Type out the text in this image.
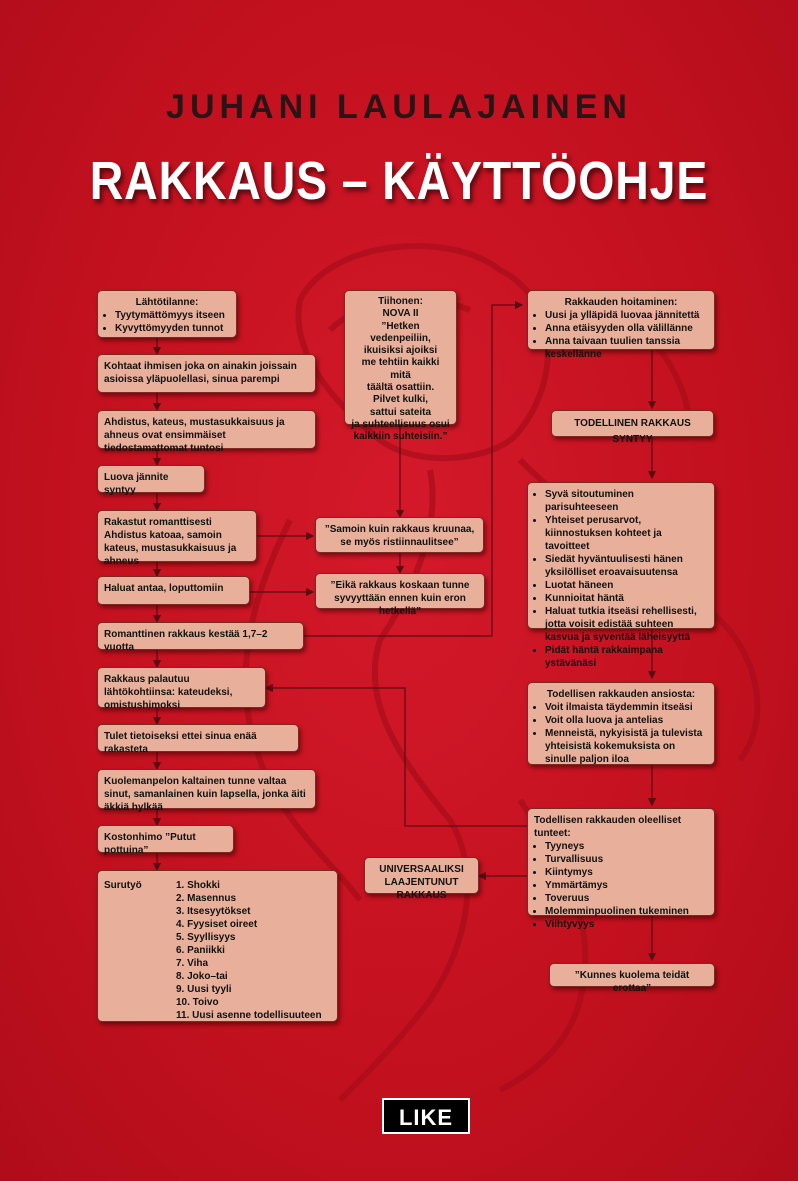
JUHANI LAULAJAINEN
RAKKAUS – KÄYTTÖOHJE

Lähtötilanne:

• Tyytymättömyys itseen
• Kyvyttömyyden tunnot
Kohtaat ihmisen joka on ainakin joissain asioissa yläpuolellasi, sinua parempi
Ahdistus, kateus, mustasukkaisuus ja ahneus ovat ensimmäiset tiedostamattomat tuntosi
Luova jännite syntyy
Rakastut romanttisesti Ahdistus katoaa, samoin kateus, mustasukkaisuus ja ahneus
Haluat antaa, loputtomiin
Romanttinen rakkaus kestää 1,7–2 vuotta
Rakkaus palautuu lähtökohtiinsa: kateudeksi, omistushimoksi
Tulet tietoiseksi ettei sinua enää rakasteta
Kuolemanpelon kaltainen tunne valtaa sinut, samanlainen kuin lapsella, jonka äiti äkkiä hylkää
Kostonhimo ”Putut pottuina”

Surutyö	1. Shokki
2. Masennus
3. Itsesyytökset
4. Fyysiset oireet
5. Syyllisyys
6. Paniikki
7. Viha
8. Joko–tai
9. Uusi tyyli
10. Toivo
11. Uusi asenne todellisuuteen

Tiihonen:

NOVA II

”Hetken vedenpeiliin,

ikuisiksi ajoiksi

me tehtiin kaikki mitä

täältä osattiin.

Pilvet kulki,

sattui sateita

ja suhteellisuus osui

kaikkiin suhteisiin.”

”Samoin kuin rakkaus kruunaa, se myös ristiinnaulitsee”
”Eikä rakkaus koskaan tunne syvyyttään ennen kuin eron hetkellä”
UNIVERSAALIKSI LAAJENTUNUT RAKKAUS

Rakkauden hoitaminen:

• Uusi ja ylläpidä luovaa jännitettä
• Anna etäisyyden olla välillänne
• Anna taivaan tuulien tanssia keskellänne
TODELLINEN RAKKAUS SYNTYY
• Syvä sitoutuminen parisuhteeseen
• Yhteiset perusarvot, kiinnostuksen kohteet ja tavoitteet
• Siedät hyväntuulisesti hänen yksilölliset eroavaisuutensa
• Luotat häneen
• Kunnioitat häntä
• Haluat tutkia itseäsi rehellisesti, jotta voisit edistää suhteen kasvua ja syventää läheisyyttä
• Pidät häntä rakkaimpana ystävänäsi

Todellisen rakkauden ansiosta:

• Voit ilmaista täydemmin itseäsi
• Voit olla luova ja antelias
• Menneistä, nykyisistä ja tulevista yhteisistä kokemuksista on sinulle paljon iloa

Todellisen rakkauden oleelliset tunteet:

• Tyyneys
• Turvallisuus
• Kiintymys
• Ymmärtämys
• Toveruus
• Molemminpuolinen tukeminen
• Viihtyvyys
”Kunnes kuolema teidät erottaa”
LIKE
